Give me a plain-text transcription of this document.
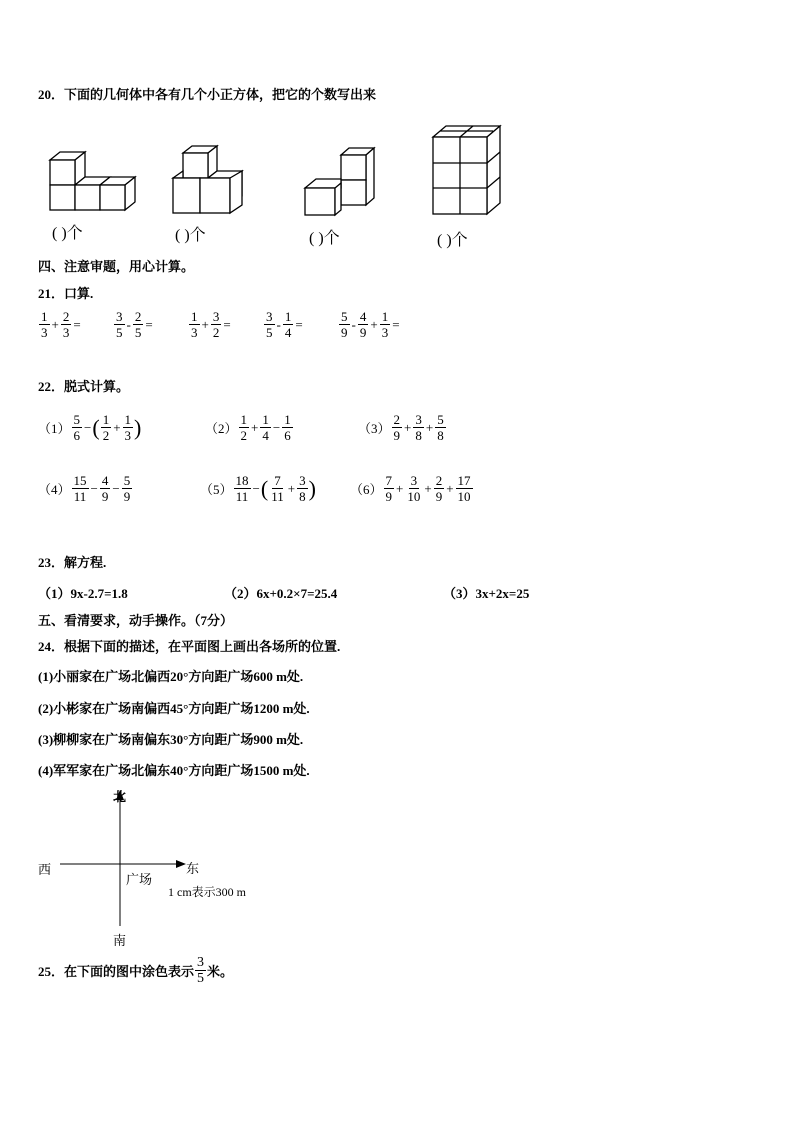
20．下面的几何体中各有几个小正方体，把它的个数写出来
( )个	( )个	( )个	( )个
四、注意审题，用心计算。
21．口算.
$\frac{1}{3} + \frac{2}{3}$ =	$\frac{3}{5} - \frac{2}{5}$ =	$\frac{1}{3} + \frac{3}{2}$ =	$\frac{3}{5} - \frac{1}{4}$ =	$\frac{5}{9} - \frac{4}{9} + \frac{1}{3}$ =
22．脱式计算。
$(1) \frac{5}{6}$ − ( $\frac{1}{2} + \frac{1}{3}$ )	$(2) \frac{1}{2} + \frac{1}{4} - \frac{1}{6}$	$(3) \frac{2}{9} + \frac{3}{8} + \frac{5}{8}$
$(4) \frac{15}{11} - \frac{4}{9} - \frac{5}{9}$	$(5) \frac{18}{11}$ − ( $\frac{7}{11} + \frac{3}{8}$ )	$(6) \frac{7}{9} + \frac{3}{10} + \frac{2}{9} + \frac{17}{10}$
23．解方程.
（1）9x-2.7=1.8	（2）6x+0.2×7=25.4	（3）3x+2x=25
五、看清要求，动手操作。（7分）
24．根据下面的描述，在平面图上画出各场所的位置.
(1)小丽家在广场北偏西20°方向距广场600 m处.
(2)小彬家在广场南偏西45°方向距广场1200 m处.
(3)柳柳家在广场南偏东30°方向距广场900 m处.
(4)军军家在广场北偏东40°方向距广场1500 m处.
北
南
西	东
广场
1 cm表示300 m
25．在下面的图中涂色表示 $\frac{3}{5}$ 米。
